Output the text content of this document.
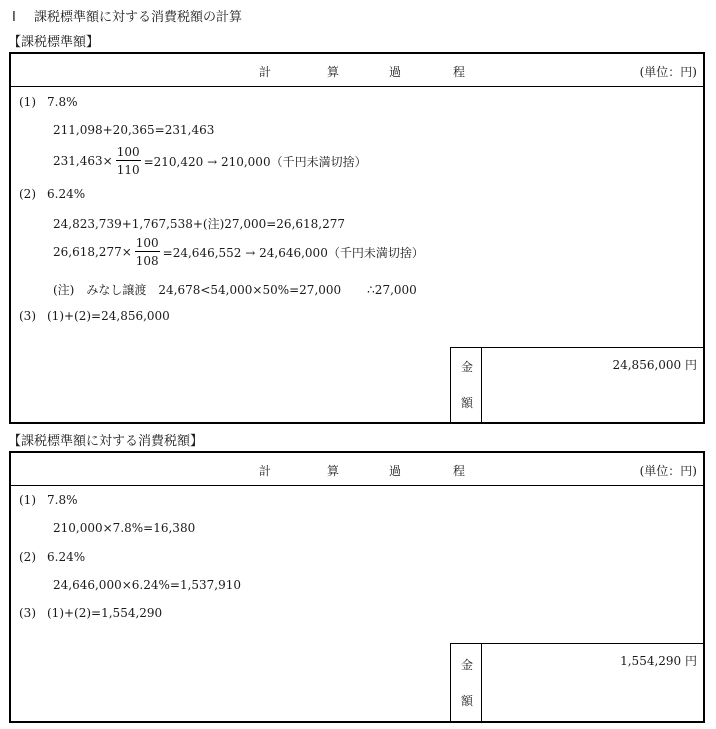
Ⅰ 課税標準額に対する消費税額の計算
【課税標準額】
計	算	過	程	(単位：円)
(1) 7.8%
211,098+20,365=231,463
$231,463\times \frac{100}{110} =210,420 \to 210,000$（千円未満切捨）
(2) 6.24%
24,823,739+1,767,538+(注)27,000=26,618,277
$26,618,277\times \frac{100}{108} =24,646,552 \to 24,646,000$（千円未満切捨）
(注)　みなし譲渡　24,678<54,000×50%=27,000 ∴27,000
(3) (1)+(2)=24,856,000
金
額
24,856,000 円
【課税標準額に対する消費税額】
計	算	過	程	(単位：円)
(1) 7.8%
210,000×7.8%=16,380
(2) 6.24%
24,646,000×6.24%=1,537,910
(3) (1)+(2)=1,554,290
金
額
1,554,290 円
